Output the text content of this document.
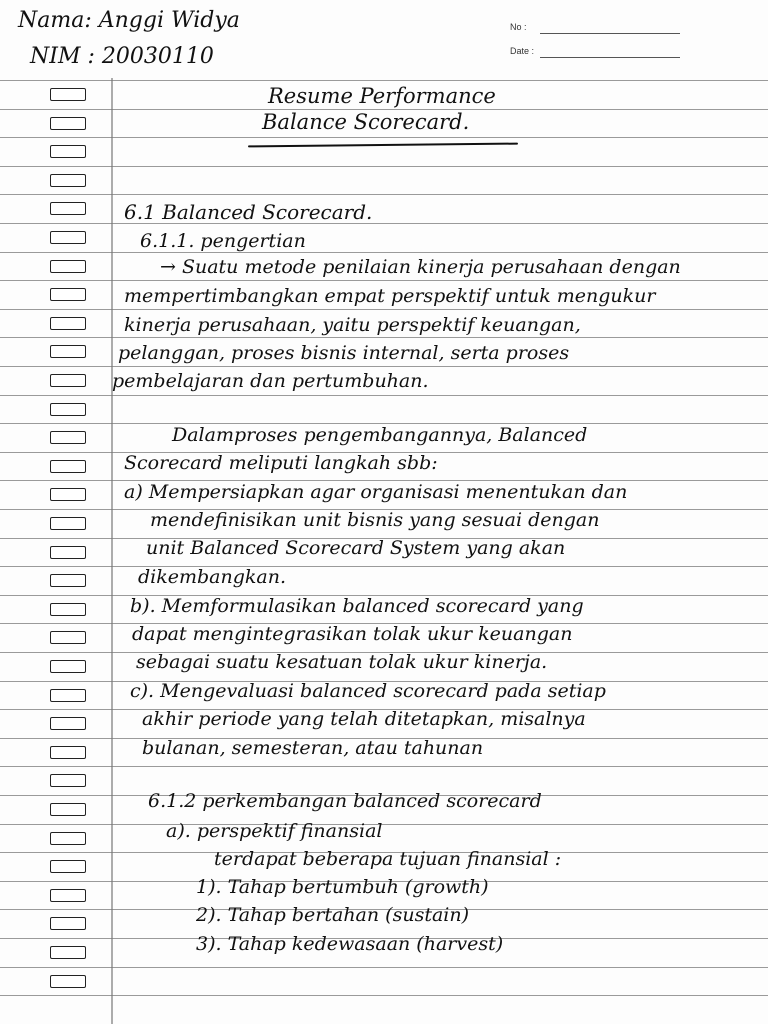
Nama: Anggi Widya
NIM : 20030110
No :
Date :
Resume Performance
Balance Scorecard.
6.1 Balanced Scorecard.
6.1.1. pengertian
→ Suatu metode penilaian kinerja perusahaan dengan
mempertimbangkan empat perspektif untuk mengukur
kinerja perusahaan, yaitu perspektif keuangan,
pelanggan, proses bisnis internal, serta proses
pembelajaran dan pertumbuhan.
Dalamproses pengembangannya, Balanced
Scorecard meliputi langkah sbb:
a) Mempersiapkan agar organisasi menentukan dan
mendefinisikan unit bisnis yang sesuai dengan
unit Balanced Scorecard System yang akan
dikembangkan.
b). Memformulasikan balanced scorecard yang
dapat mengintegrasikan tolak ukur keuangan
sebagai suatu kesatuan tolak ukur kinerja.
c). Mengevaluasi balanced scorecard pada setiap
akhir periode yang telah ditetapkan, misalnya
bulanan, semesteran, atau tahunan
6.1.2 perkembangan balanced scorecard
a). perspektif finansial
terdapat beberapa tujuan finansial :
1). Tahap bertumbuh (growth)
2). Tahap bertahan (sustain)
3). Tahap kedewasaan (harvest)
